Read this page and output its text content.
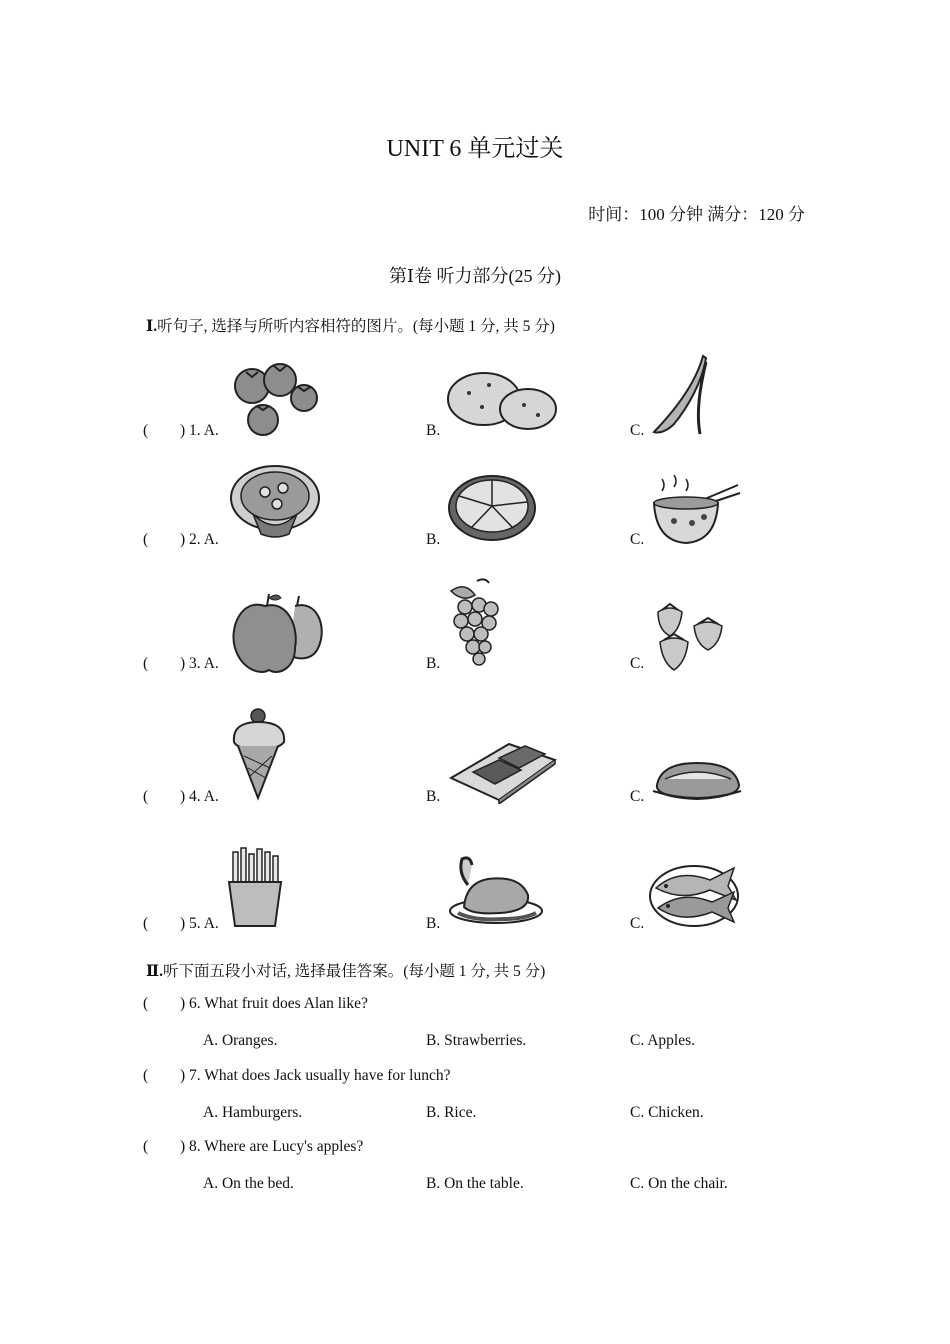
UNIT 6 单元过关
时间：100 分钟 满分：120 分
第Ⅰ卷 听力部分(25 分)
Ⅰ.听句子, 选择与所听内容相符的图片。(每小题 1 分, 共 5 分)
( ) 1. A.	B.	C.
( ) 2. A.	B.	C.
( ) 3. A.	B.	C.
( ) 4. A.	B.	C.
( ) 5. A.	B.	C.
Ⅱ.听下面五段小对话, 选择最佳答案。(每小题 1 分, 共 5 分)
( ) 6. What fruit does Alan like?
A. Oranges.	B. Strawberries.	C. Apples.
( ) 7. What does Jack usually have for lunch?
A. Hamburgers.	B. Rice.	C. Chicken.
( ) 8. Where are Lucy's apples?
A. On the bed.	B. On the table.	C. On the chair.
